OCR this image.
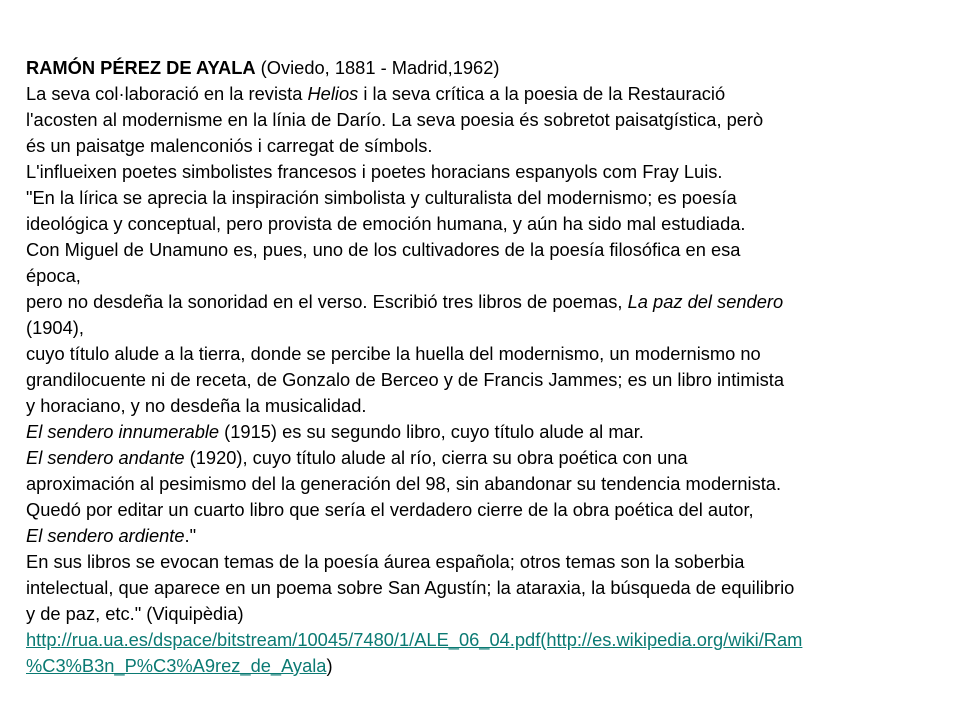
RAMÓN PÉREZ DE AYALA (Oviedo, 1881 - Madrid,1962)
La seva col·laboració en la revista Helios i la seva crítica a la poesia de la Restauració
l'acosten al modernisme en la línia de Darío. La seva poesia és sobretot paisatgística, però
és un paisatge malenconiós i carregat de símbols.
L'influeixen poetes simbolistes francesos i poetes horacians espanyols com Fray Luis.
"En la lírica se aprecia la inspiración simbolista y culturalista del modernismo; es poesía
ideológica y conceptual, pero provista de emoción humana, y aún ha sido mal estudiada.
Con Miguel de Unamuno es, pues, uno de los cultivadores de la poesía filosófica en esa
época,
pero no desdeña la sonoridad en el verso. Escribió tres libros de poemas, La paz del sendero
(1904),
cuyo título alude a la tierra, donde se percibe la huella del modernismo, un modernismo no
grandilocuente ni de receta, de Gonzalo de Berceo y de Francis Jammes; es un libro intimista
y horaciano, y no desdeña la musicalidad.
El sendero innumerable (1915) es su segundo libro, cuyo título alude al mar.
El sendero andante (1920), cuyo título alude al río, cierra su obra poética con una
aproximación al pesimismo del la generación del 98, sin abandonar su tendencia modernista.
Quedó por editar un cuarto libro que sería el verdadero cierre de la obra poética del autor,
El sendero ardiente."
En sus libros se evocan temas de la poesía áurea española; otros temas son la soberbia
intelectual, que aparece en un poema sobre San Agustín; la ataraxia, la búsqueda de equilibrio
y de paz, etc." (Viquipèdia)
http://rua.ua.es/dspace/bitstream/10045/7480/1/ALE_06_04.pdf(http://es.wikipedia.org/wiki/Ram
%C3%B3n_P%C3%A9rez_de_Ayala)
